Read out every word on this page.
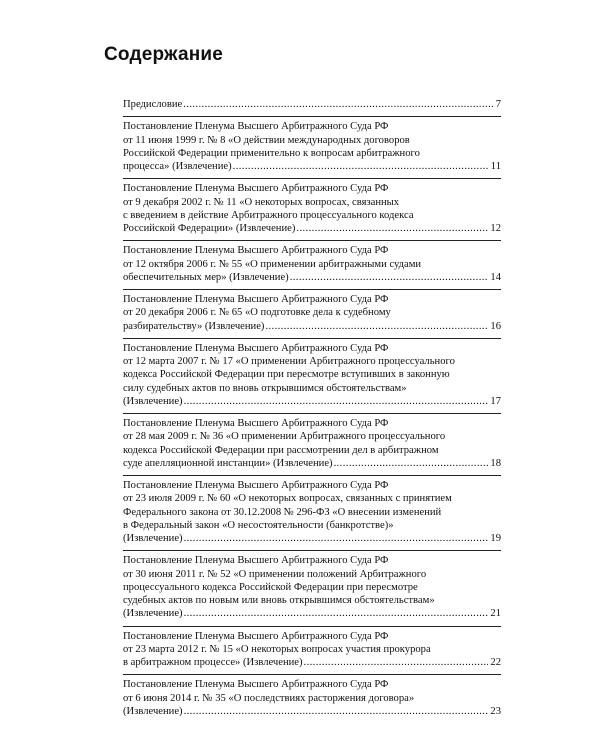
Содержание
Предисловие .....	7
Постановление Пленума Высшего Арбитражного Суда РФ
от 11 июня 1999 г. № 8 «О действии международных договоров
Российской Федерации применительно к вопросам арбитражного
процесса» (Извлечение) .....	11
Постановление Пленума Высшего Арбитражного Суда РФ
от 9 декабря 2002 г. № 11 «О некоторых вопросах, связанных
с введением в действие Арбитражного процессуального кодекса
Российской Федерации» (Извлечение) .....	12
Постановление Пленума Высшего Арбитражного Суда РФ
от 12 октября 2006 г. № 55 «О применении арбитражными судами
обеспечительных мер» (Извлечение) .....	14
Постановление Пленума Высшего Арбитражного Суда РФ
от 20 декабря 2006 г. № 65 «О подготовке дела к судебному
разбирательству» (Извлечение) .....	16
Постановление Пленума Высшего Арбитражного Суда РФ
от 12 марта 2007 г. № 17 «О применении Арбитражного процессуального
кодекса Российской Федерации при пересмотре вступивших в законную
силу судебных актов по вновь открывшимся обстоятельствам»
(Извлечение) .....	17
Постановление Пленума Высшего Арбитражного Суда РФ
от 28 мая 2009 г. № 36 «О применении Арбитражного процессуального
кодекса Российской Федерации при рассмотрении дел в арбитражном
суде апелляционной инстанции» (Извлечение) .....	18
Постановление Пленума Высшего Арбитражного Суда РФ
от 23 июля 2009 г. № 60 «О некоторых вопросах, связанных с принятием
Федерального закона от 30.12.2008 № 296-ФЗ «О внесении изменений
в Федеральный закон «О несостоятельности (банкротстве)»
(Извлечение) .....	19
Постановление Пленума Высшего Арбитражного Суда РФ
от 30 июня 2011 г. № 52 «О применении положений Арбитражного
процессуального кодекса Российской Федерации при пересмотре
судебных актов по новым или вновь открывшимся обстоятельствам»
(Извлечение) .....	21
Постановление Пленума Высшего Арбитражного Суда РФ
от 23 марта 2012 г. № 15 «О некоторых вопросах участия прокурора
в арбитражном процессе» (Извлечение) .....	22
Постановление Пленума Высшего Арбитражного Суда РФ
от 6 июня 2014 г. № 35 «О последствиях расторжения договора»
(Извлечение) .....	23
